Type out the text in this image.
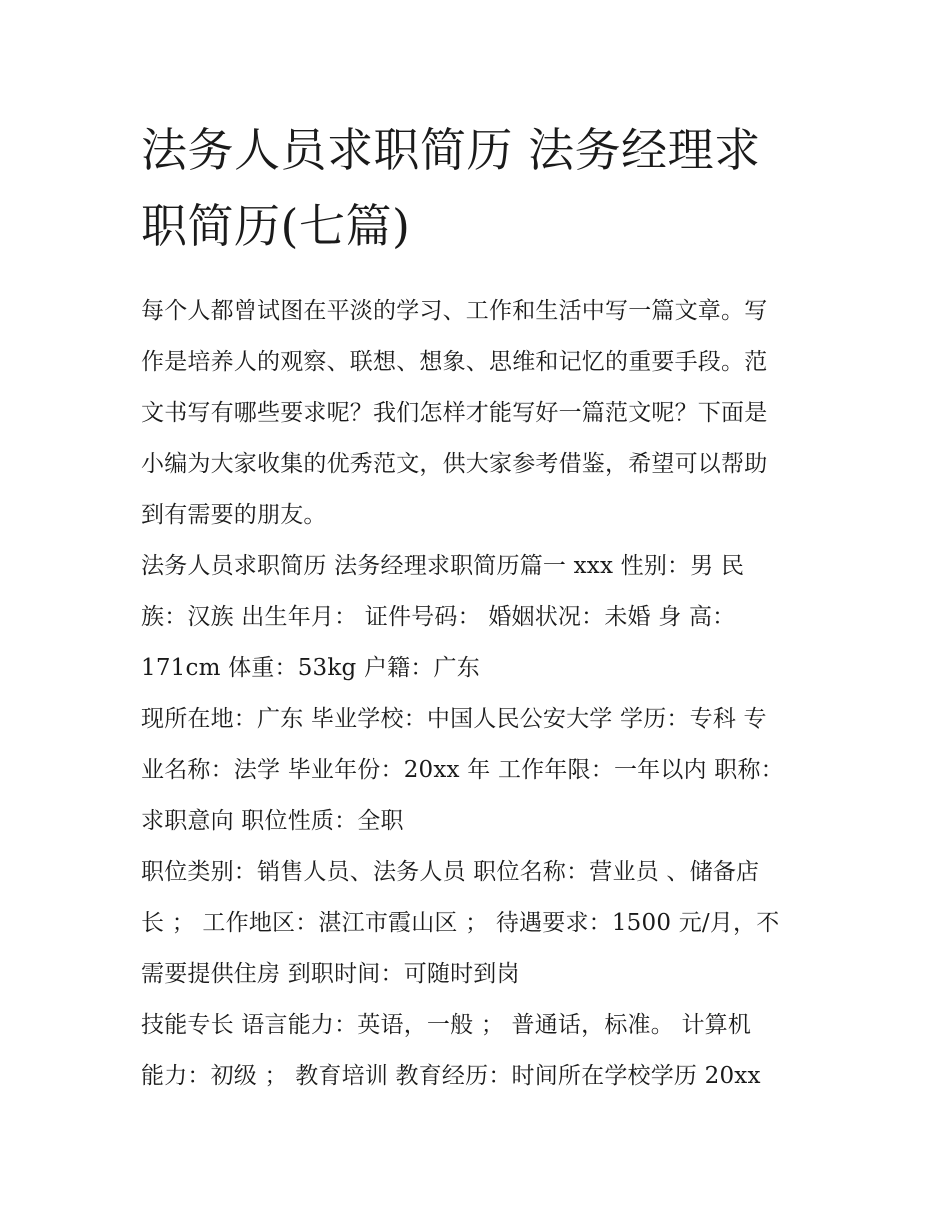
法务人员求职简历 法务经理求
职简历(七篇)

每个人都曾试图在平淡的学习、工作和生活中写一篇文章。写
作是培养人的观察、联想、想象、思维和记忆的重要手段。范
文书写有哪些要求呢？我们怎样才能写好一篇范文呢？下面是
小编为大家收集的优秀范文，供大家参考借鉴，希望可以帮助
到有需要的朋友。

法务人员求职简历 法务经理求职简历篇一 xxx 性别：男 民
族：汉族 出生年月： 证件号码： 婚姻状况：未婚 身 高：
171cm 体重：53kg 户籍：广东

现所在地：广东 毕业学校：中国人民公安大学 学历：专科 专
业名称：法学 毕业年份：20xx 年 工作年限：一年以内 职称：
求职意向 职位性质：全职

职位类别：销售人员、法务人员 职位名称：营业员 、储备店
长 ； 工作地区：湛江市霞山区 ； 待遇要求：1500 元/月，不
需要提供住房 到职时间：可随时到岗

技能专长 语言能力：英语，一般 ； 普通话，标准。 计算机
能力：初级 ； 教育培训 教育经历：时间所在学校学历 20xx
